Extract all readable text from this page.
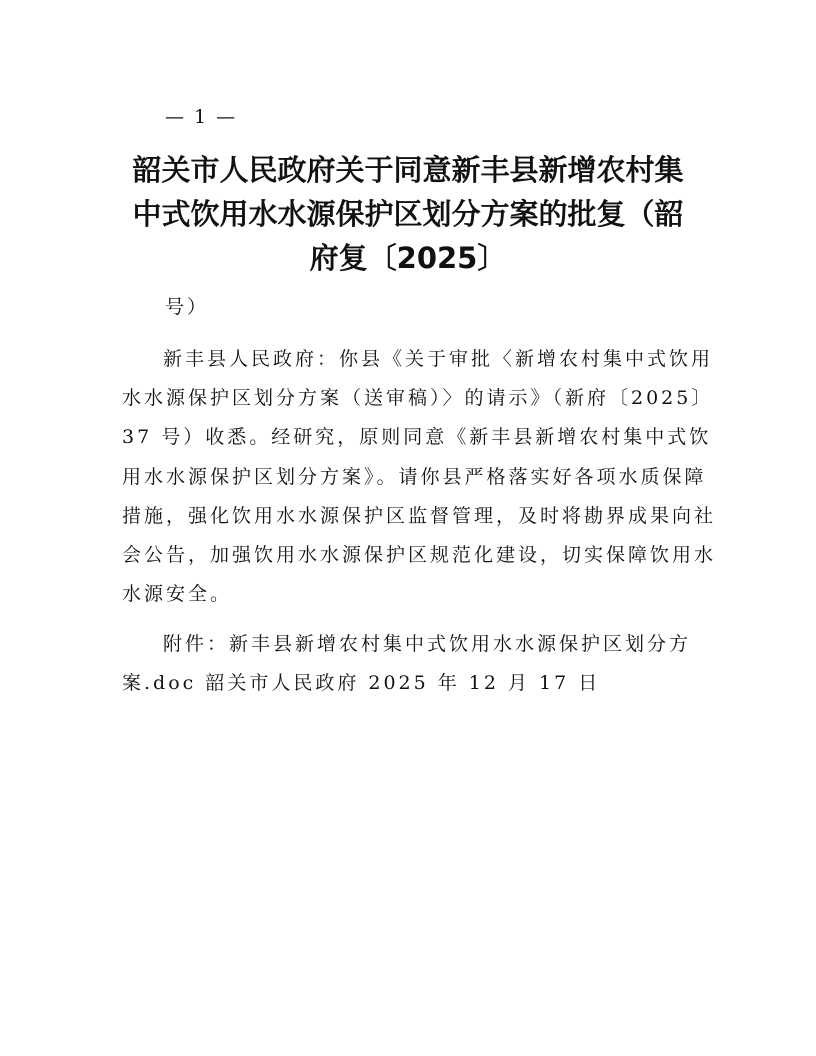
— 1 —
韶关市人民政府关于同意新丰县新增农村集
中式饮用水水源保护区划分方案的批复（韶
府复〔2025〕
号）
新丰县人民政府：你县《关于审批〈新增农村集中式饮用
水水源保护区划分方案（送审稿）〉的请示》（新府〔2025〕
37 号）收悉。经研究，原则同意《新丰县新增农村集中式饮
用水水源保护区划分方案》。请你县严格落实好各项水质保障
措施，强化饮用水水源保护区监督管理，及时将勘界成果向社
会公告，加强饮用水水源保护区规范化建设，切实保障饮用水
水源安全。
附件：新丰县新增农村集中式饮用水水源保护区划分方
案.doc 韶关市人民政府 2025 年 12 月 17 日
